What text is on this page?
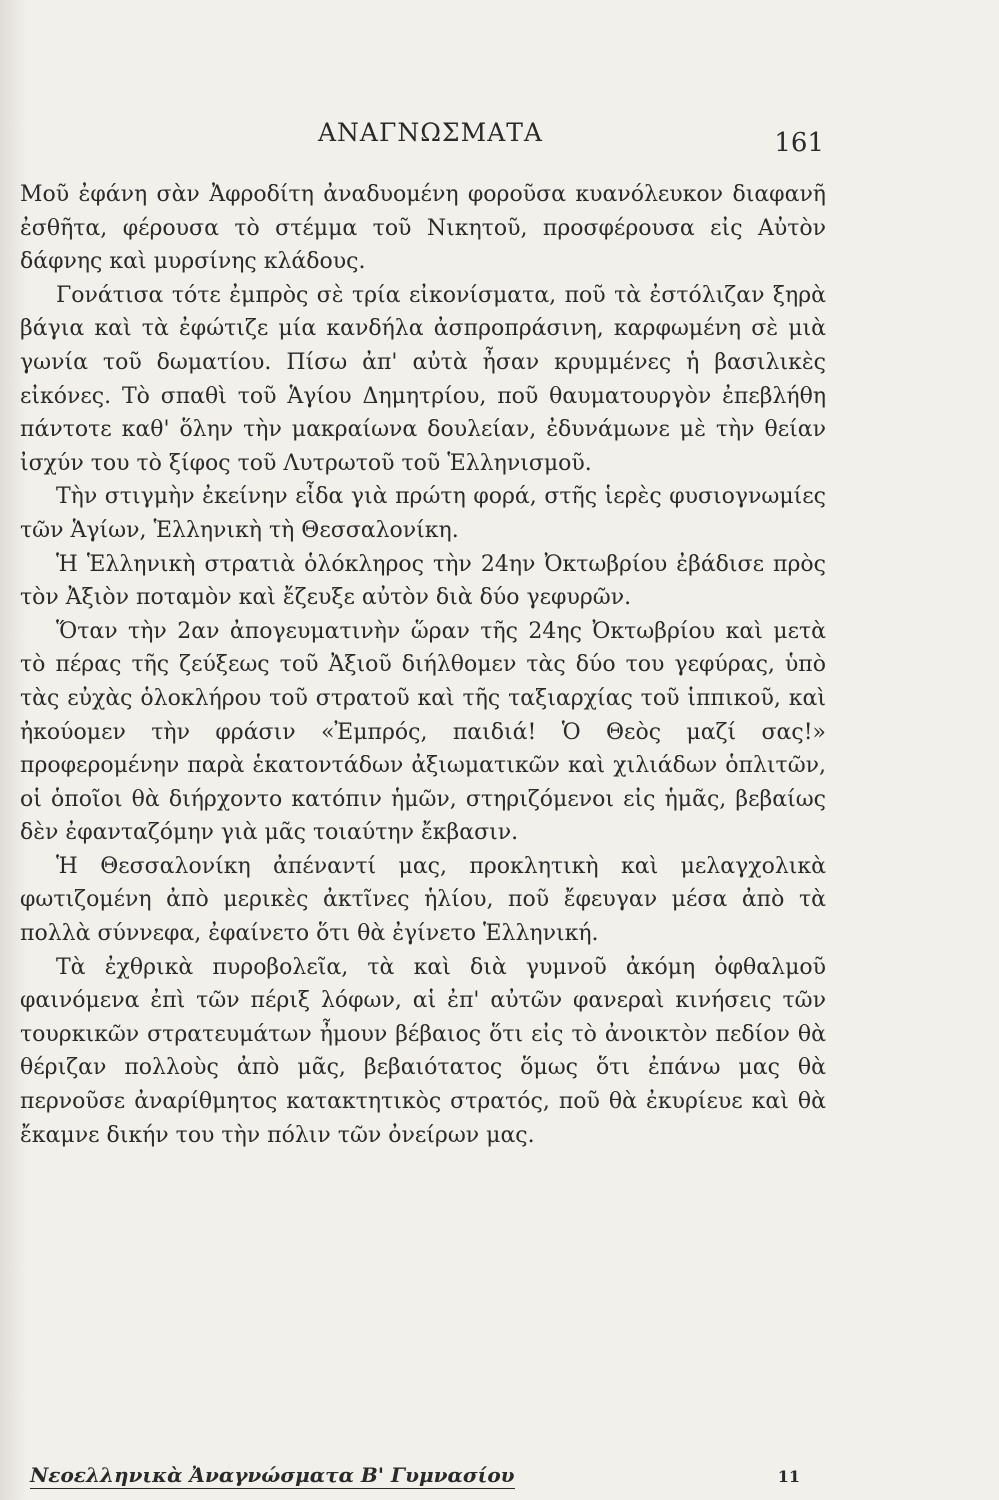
ΑΝΑΓΝΩΣΜΑΤΑ	161

Μοῦ ἐφάνη σὰν Ἀφροδίτη ἀναδυομένη φοροῦσα κυανόλευκον διαφανῆ ἐσθῆτα, φέρουσα τὸ στέμμα τοῦ Νικητοῦ, προσφέρουσα εἰς Αὐτὸν δάφνης καὶ μυρσίνης κλάδους.

Γονάτισα τότε ἐμπρὸς σὲ τρία εἰκονίσματα, ποῦ τὰ ἐστόλιζαν ξηρὰ βάγια καὶ τὰ ἐφώτιζε μία κανδήλα ἀσπροπράσινη, καρφωμένη σὲ μιὰ γωνία τοῦ δωματίου. Πίσω ἀπ' αὐτὰ ἦσαν κρυμμένες ἡ βασιλικὲς εἰκόνες. Τὸ σπαθὶ τοῦ Ἁγίου Δημητρίου, ποῦ θαυματουργὸν ἐπεβλήθη πάντοτε καθ' ὅλην τὴν μακραίωνα δουλείαν, ἐδυνάμωνε μὲ τὴν θείαν ἰσχύν του τὸ ξίφος τοῦ Λυτρωτοῦ τοῦ Ἑλληνισμοῦ.

Τὴν στιγμὴν ἐκείνην εἶδα γιὰ πρώτη φορά, στῆς ἱερὲς φυσιογνωμίες τῶν Ἁγίων, Ἑλληνικὴ τὴ Θεσσαλονίκη.

Ἡ Ἑλληνικὴ στρατιὰ ὁλόκληρος τὴν 24ην Ὀκτωβρίου ἐβάδισε πρὸς τὸν Ἀξιὸν ποταμὸν καὶ ἔζευξε αὐτὸν διὰ δύο γεφυρῶν.

Ὅταν τὴν 2αν ἀπογευματινὴν ὥραν τῆς 24ης Ὀκτωβρίου καὶ μετὰ τὸ πέρας τῆς ζεύξεως τοῦ Ἀξιοῦ διήλθομεν τὰς δύο του γεφύρας, ὑπὸ τὰς εὐχὰς ὁλοκλήρου τοῦ στρατοῦ καὶ τῆς ταξιαρχίας τοῦ ἱππικοῦ, καὶ ἠκούομεν τὴν φράσιν «Ἐμπρός, παιδιά! Ὁ Θεὸς μαζί σας!» προφερομένην παρὰ ἑκατοντάδων ἀξιωματικῶν καὶ χιλιάδων ὁπλιτῶν, οἱ ὁποῖοι θὰ διήρχοντο κατόπιν ἡμῶν, στηριζόμενοι εἰς ἡμᾶς, βεβαίως δὲν ἐφανταζόμην γιὰ μᾶς τοιαύτην ἔκβασιν.

Ἡ Θεσσαλονίκη ἀπέναντί μας, προκλητικὴ καὶ μελαγχολικὰ φωτιζομένη ἀπὸ μερικὲς ἀκτῖνες ἡλίου, ποῦ ἔφευγαν μέσα ἀπὸ τὰ πολλὰ σύννεφα, ἐφαίνετο ὅτι θὰ ἐγίνετο Ἑλληνική.

Τὰ ἐχθρικὰ πυροβολεῖα, τὰ καὶ διὰ γυμνοῦ ἀκόμη ὀφθαλμοῦ φαινόμενα ἐπὶ τῶν πέριξ λόφων, αἱ ἐπ' αὐτῶν φανεραὶ κινήσεις τῶν τουρκικῶν στρατευμάτων ἦμουν βέβαιος ὅτι εἰς τὸ ἀνοικτὸν πεδίον θὰ θέριζαν πολλοὺς ἀπὸ μᾶς, βεβαιότατος ὅμως ὅτι ἐπάνω μας θὰ περνοῦσε ἀναρίθμητος κατακτητικὸς στρατός, ποῦ θὰ ἐκυρίευε καὶ θὰ ἔκαμνε δικήν του τὴν πόλιν τῶν ὀνείρων μας.

Νεοελληνικὰ Ἀναγνώσματα Β' Γυμνασίου	11
